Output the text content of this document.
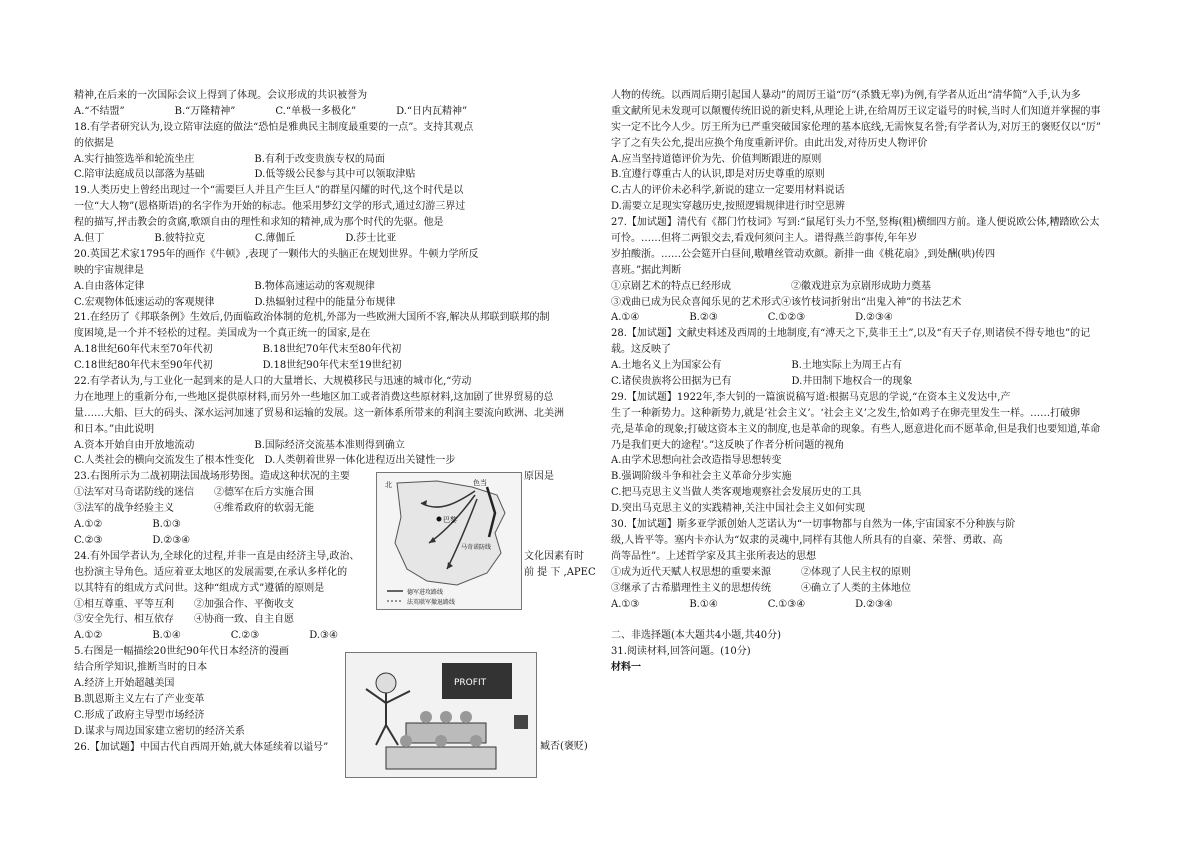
精神,在后来的一次国际会议上得到了体现。会议形成的共识被誉为
A.“不结盟”　　　　　B.“万隆精神”　　　　C.“单极一多极化”　　　　D.“日内瓦精神”
18.有学者研究认为,设立陪审法庭的做法“恐怕是雅典民主制度最重要的一点”。支持其观点
的依据是
A.实行抽签选举和轮流坐庄　　　　　　B.有利于改变贵族专权的局面
C.陪审法庭成员以部落为基础　　　　　D.低等级公民参与其中可以领取津贴
19.人类历史上曾经出现过一个“需要巨人并且产生巨人”的群星闪耀的时代,这个时代是以
一位“大人物”(恩格斯语)的名字作为开始的标志。他采用梦幻文学的形式,通过幻游三界过
程的描写,抨击教会的贪腐,歌颂自由的理性和求知的精神,成为那个时代的先驱。他是
A.但丁　　　　　B.彼特拉克　　　　　C.薄伽丘　　　　　D.莎士比亚
20.英国艺术家1795年的画作《牛顿》,表现了一颗伟大的头脑正在规划世界。牛顿力学所反
映的宇宙规律是
A.自由落体定律　　　　　　　　　　　B.物体高速运动的客观规律
C.宏观物体低速运动的客观规律　　　　D.热辐射过程中的能量分布规律
21.在经历了《邦联条例》生效后,仍面临政治体制的危机,外部为一些欧洲大国所不容,解决从邦联到联邦的制
度困境,是一个并不轻松的过程。美国成为一个真正统一的国家,是在
A.18世纪60年代末至70年代初　　　　　B.18世纪70年代末至80年代初
C.18世纪80年代末至90年代初　　　　　D.18世纪90年代末至19世纪初
22.有学者认为,与工业化一起到来的是人口的大量增长、大规模移民与迅速的城市化,“劳动
力在地理上的重新分布,一些地区提供原材料,而另外一些地区加工或者消费这些原材料,这加剧了世界贸易的总
量……大船、巨大的码头、深水运河加速了贸易和运输的发展。这一新体系所带来的利润主要流向欧洲、北美洲
和日本。”由此说明
A.资本开始自由开放地流动　　　　　　B.国际经济交流基本准则得到确立
C.人类社会的横向交流发生了根本性变化　D.人类朝着世界一体化进程迈出关键性一步
23.右图所示为二战初期法国战场形势图。造成这种状况的主要
①法军对马奇诺防线的迷信　　②德军在后方实施合围
③法军的战争经验主义　　　　④维希政府的软弱无能
A.①②　　　　　B.①③
C.②③　　　　　D.②③④
24.有外国学者认为,全球化的过程,并非一直是由经济主导,政治、
也扮演主导角色。适应着亚太地区的发展需要,在承认多样化的
以其特有的组成方式问世。这种“组成方式”遵循的原则是
①相互尊重、平等互利　　②加强合作、平衡收支
③安全先行、相互依存　　④协商一致、自主自愿
A.①②　　　　　B.①④　　　　　C.②③　　　　　D.③④
5.右图是一幅描绘20世纪90年代日本经济的漫画
结合所学知识,推断当时的日本
A.经济上开始超越美国
B.凯恩斯主义左右了产业变革
C.形成了政府主导型市场经济
D.谋求与周边国家建立密切的经济关系
26.【加试题】中国古代自西周开始,就大体延续着以谥号”
人物的传统。以西周后期引起国人暴动”的周厉王谥“厉”(杀戮无辜)为例,有学者从近出“清华简”入手,认为多
重文献所见未发现可以颠覆传统旧说的新史料,从理论上讲,在给周厉王议定谥号的时候,当时人们知道并掌握的事
实一定不比今人少。厉王所为已严重突破国家伦理的基本底线,无需恢复名誉;有学者认为,对厉王的褒贬仅以“厉”
字了之有失公允,提出应换个角度重新评价。由此出发,对待历史人物评价
A.应当坚持道德评价为先、价值判断跟进的原则
B.宜遵行尊重古人的认识,即是对历史尊重的原则
C.古人的评价未必科学,新说的建立一定要用材料说话
D.需要立足现实穿越历史,按照逻辑规律进行时空思辨
27.【加试题】清代有《都门竹枝词》写到:“鼠尾钉头力不坚,竖梅(粗)横细四方前。逢人便说欧公体,糟踏欧公太
可怜。……但将二两银交去,看戏何须问主人。谱得燕兰韵事传,年年岁
岁拍酸浙。……公会筵开白昼间,嗷嘈丝管动欢颜。新排一曲《桃花扇》,到处酬(哄)传四
喜班。”据此判断
①京剧艺术的特点已经形成　　　　　　②徽戏进京为京剧形成助力奠基
③戏曲已成为民众喜闻乐见的艺术形式④该竹枝词折射出“出鬼入神”的书法艺术
A.①④　　　　　B.②③　　　　　C.①②③　　　　　D.②③④
28.【加试题】文献史料述及西周的土地制度,有“溥天之下,莫非王土”,以及“有天子存,则诸侯不得专地也”的记
载。这反映了
A.土地名义上为国家公有　　　　　　　B.土地实际上为周王占有
C.诸侯贵族将公田据为已有　　　　　　D.井田制下地权合一的现象
29.【加试题】1922年,李大钊的一篇演说稿写道:根据马克思的学说,“在资本主义发达中,产
生了一种新势力。这种新势力,就是‘社会主义’。‘社会主义’之发生,恰如鸡子在卵壳里发生一样。……打破卵
壳,是革命的现象;打破这资本主义的制度,也是革命的现象。有些人,愿意进化而不愿革命,但是我们也要知道,革命
乃是我们更大的途程’。”这反映了作者分析问题的视角
A.由学术思想向社会改造指导思想转变
B.强调阶级斗争和社会主义革命分步实施
C.把马克思主义当做人类客观地观察社会发展历史的工具
D.突出马克思主义的实践精神,关注中国社会主义如何实现
30.【加试题】斯多亚学派创始人芝诺认为“一切事物都与自然为一体,宇宙国家不分种族与阶
级,人皆平等。塞内卡亦认为“奴隶的灵魂中,同样有其他人所具有的自豪、荣誉、勇敢、高
尚等品性”。上述哲学家及其主张所表达的思想
①成为近代天赋人权思想的重要来源　　　②体现了人民主权的原则
③继承了古希腊理性主义的思想传统　　　④确立了人类的主体地位
A.①③　　　　　B.①④　　　　　C.①③④　　　　　D.②③④
二、非选择题(本大题共4小题,共40分)
31.阅读材料,回答问题。(10分)
材料一
原因是
文化因素有时
前 提 下 ,APEC
臧否(褒贬)
巴黎
色当
马奇诺防线
北
德军进攻路线
法英联军撤退路线
PROFIT
